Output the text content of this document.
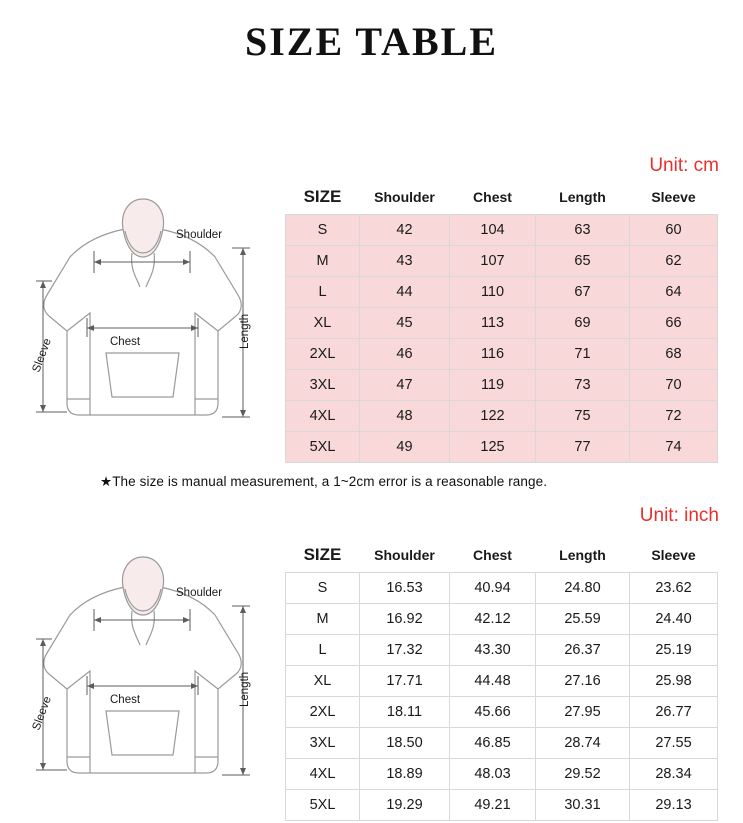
SIZE TABLE
Unit: cm
Shoulder
Chest	Length
Sleeve
SIZE	Shoulder	Chest	Length	Sleeve
S	42	104	63	60
M	43	107	65	62
L	44	110	67	64
XL	45	113	69	66
2XL	46	116	71	68
3XL	47	119	73	70
4XL	48	122	75	72
5XL	49	125	77	74
★The size is manual measurement, a 1~2cm error is a reasonable range.
Unit: inch
Shoulder
Chest	Length
Sleeve
SIZE	Shoulder	Chest	Length	Sleeve
S	16.53	40.94	24.80	23.62
M	16.92	42.12	25.59	24.40
L	17.32	43.30	26.37	25.19
XL	17.71	44.48	27.16	25.98
2XL	18.11	45.66	27.95	26.77
3XL	18.50	46.85	28.74	27.55
4XL	18.89	48.03	29.52	28.34
5XL	19.29	49.21	30.31	29.13
